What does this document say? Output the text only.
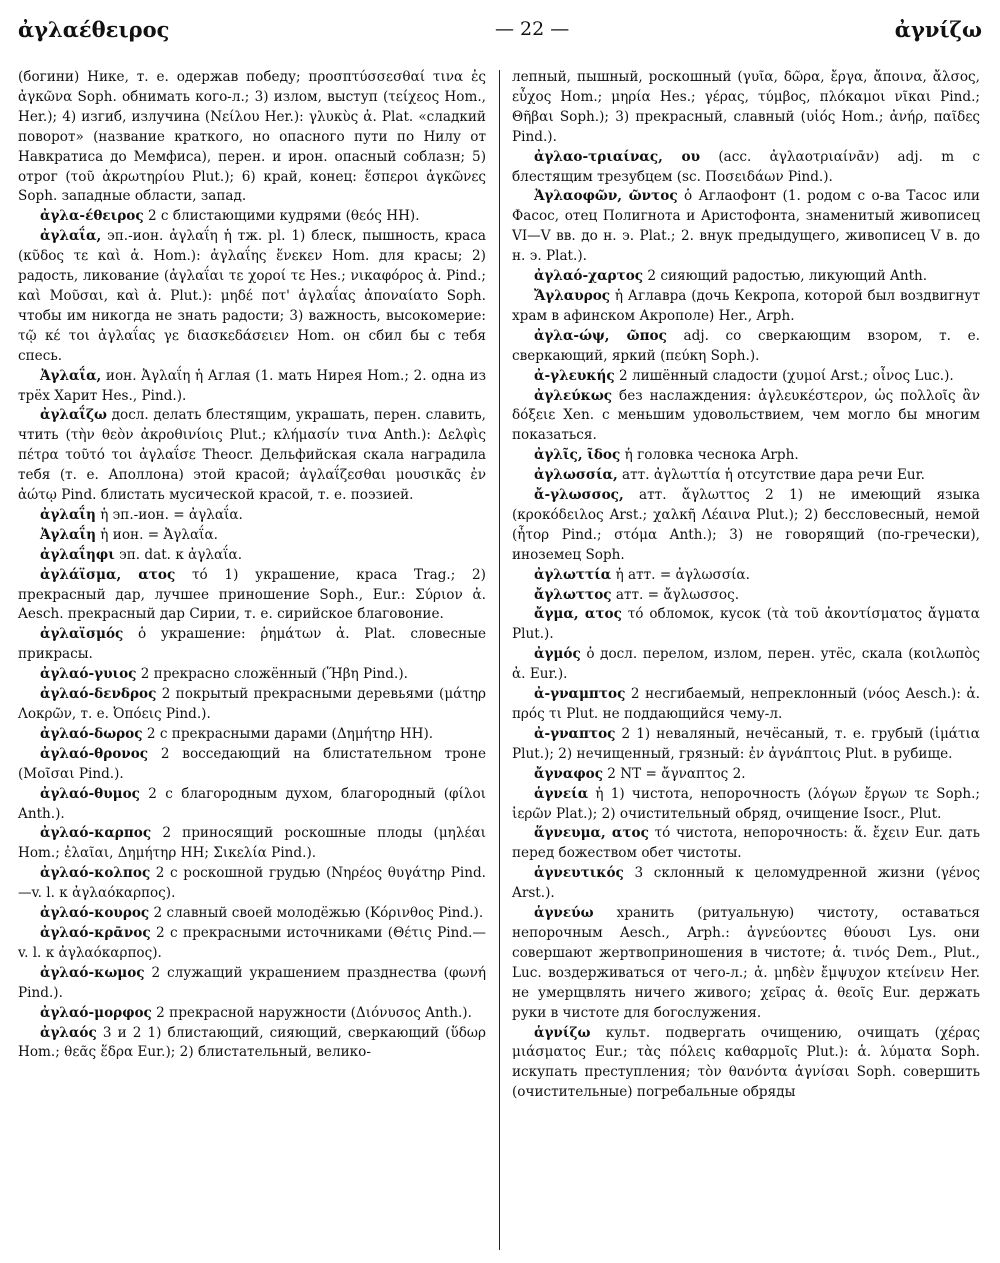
ἀγλαέθειρος	— 22 —	ἀγνίζω

(богини) Нике, т. е. одержав победу; προσπτύσσεσθαί τινα ἐς ἀγκῶνα Soph. обнимать кого-л.; 3) излом, выступ (τείχεος Hom., Her.); 4) изгиб, излучина (Νείλου Her.): γλυκὺς ἀ. Plat. «сладкий поворот» (название краткого, но опасного пути по Нилу от Навкратиса до Мемфиса), перен. и ирон. опасный соблазн; 5) отрог (τοῦ ἀκρωτηρίου Plut.); 6) край, конец: ἕσπεροι ἀγκῶνες Soph. западные области, запад.

ἀγλα-έθειρος 2 с блистающими кудрями (θεός HH).

ἀγλαΐα, эп.-ион. ἀγλαΐη ἡ тж. pl. 1) блеск, пышность, краса (κῦδος τε καὶ ἀ. Hom.): ἀγλαΐης ἕνεκεν Hom. для красы; 2) радость, ликование (ἀγλαΐαι τε χοροί τε Hes.; νικαφόρος ἀ. Pind.; καὶ Μοῦσαι, καὶ ἀ. Plut.): μηδέ ποτ' ἀγλαΐας ἀποναίατο Soph. чтобы им никогда не знать радости; 3) важность, высокомерие: τῷ κέ τοι ἀγλαΐας γε διασκεδάσειεν Hom. он сбил бы с тебя спесь.

Ἀγλαΐα, ион. Ἀγλαΐη ἡ Аглая (1. мать Нирея Hom.; 2. одна из трёх Харит Hes., Pind.).

ἀγλαΐζω досл. делать блестящим, украшать, перен. славить, чтить (τὴν θεὸν ἀκροθινίοις Plut.; κλήμασίν τινα Anth.): Δελφὶς πέτρα τοῦτό τοι ἀγλαΐσε Theocr. Дельфийская скала наградила тебя (т. е. Аполлона) этой красой; ἀγλαΐζεσθαι μουσικᾶς ἐν ἀώτῳ Pind. блистать мусической красой, т. е. поэзией.

ἀγλαΐη ἡ эп.-ион. = ἀγλαΐα.

Ἀγλαΐη ἡ ион. = Ἀγλαΐα.

ἀγλαΐηφι эп. dat. к ἀγλαΐα.

ἀγλάϊσμα, ατος τό 1) украшение, краса Trag.; 2) прекрасный дар, лучшее приношение Soph., Eur.: Σύριον ἀ. Aesch. прекрасный дар Сирии, т. е. сирийское благовоние.

ἀγλαϊσμός ὁ украшение: ῥημάτων ἀ. Plat. словесные прикрасы.

ἀγλαό-γυιος 2 прекрасно сложённый (Ἥβη Pind.).

ἀγλαό-δενδρος 2 покрытый прекрасными деревьями (μάτηρ Λοκρῶν, т. е. Ὀπόεις Pind.).

ἀγλαό-δωρος 2 с прекрасными дарами (Δημήτηρ HH).

ἀγλαό-θρονος 2 восседающий на блистательном троне (Μοῖσαι Pind.).

ἀγλαό-θυμος 2 с благородным духом, благородный (φίλοι Anth.).

ἀγλαό-καρπος 2 приносящий роскошные плоды (μηλέαι Hom.; ἐλαῖαι, Δημήτηρ HH; Σικελία Pind.).

ἀγλαό-κολπος 2 с роскошной грудью (Νηρέος θυγάτηρ Pind.—v. l. к ἀγλαόκαρπος).

ἀγλαό-κουρος 2 славный своей молодёжью (Κόρινθος Pind.).

ἀγλαό-κρᾱνος 2 с прекрасными источниками (Θέτις Pind.—v. l. к ἀγλαόκαρπος).

ἀγλαό-κωμος 2 служащий украшением празднества (φωνή Pind.).

ἀγλαό-μορφος 2 прекрасной наружности (Διόνυσος Anth.).

ἀγλαός 3 и 2 1) блистающий, сияющий, сверкающий (ὕδωρ Hom.; θεᾶς ἕδρα Eur.); 2) блистательный, велико-

лепный, пышный, роскошный (γυῖα, δῶρα, ἔργα, ἄποινα, ἄλσος, εὖχος Hom.; μηρία Hes.; γέρας, τύμβος, πλόκαμοι νῖκαι Pind.; Θῆβαι Soph.); 3) прекрасный, славный (υἱός Hom.; ἀνήρ, παῖδες Pind.).

ἀγλαο-τριαίνας, ου (acc. ἀγλαοτριαίνᾱν) adj. m с блестящим трезубцем (sc. Ποσειδάων Pind.).

Ἀγλαοφῶν, ῶντος ὁ Аглаофонт (1. родом с о-ва Тасос или Фасос, отец Полигнота и Аристофонта, знаменитый живописец VI—V вв. до н. э. Plat.; 2. внук предыдущего, живописец V в. до н. э. Plat.).

ἀγλαό-χαρτος 2 сияющий радостью, ликующий Anth.

Ἄγλαυρος ἡ Аглавра (дочь Кекропа, которой был воздвигнут храм в афинском Акрополе) Her., Arph.

ἀγλα-ώψ, ῶπος adj. со сверкающим взором, т. е. сверкающий, яркий (πεύκη Soph.).

ἀ-γλευκής 2 лишённый сладости (χυμοί Arst.; οἶνος Luc.).

ἀγλεύκως без наслаждения: ἀγλευκέστερον, ὡς πολλοῖς ἂν δόξειε Xen. с меньшим удовольствием, чем могло бы многим показаться.

ἀγλῖς, ῖδος ἡ головка чеснока Arph.

ἀγλωσσία, атт. ἀγλωττία ἡ отсутствие дара речи Eur.

ἄ-γλωσσος, атт. ἄγλωττος 2 1) не имеющий языка (κροκόδειλος Arst.; χαλκῆ Λέαινα Plut.); 2) бессловесный, немой (ἦτορ Pind.; στόμα Anth.); 3) не говорящий (по-гречески), иноземец Soph.

ἀγλωττία ἡ атт. = ἀγλωσσία.

ἄγλωττος атт. = ἄγλωσσος.

ἄγμα, ατος τό обломок, кусок (τὰ τοῦ ἀκοντίσματος ἄγματα Plut.).

ἀγμός ὁ досл. перелом, излом, перен. утёс, скала (κοιλωπὸς ἀ. Eur.).

ἀ-γναμπτος 2 несгибаемый, непреклонный (νόος Aesch.): ἀ. πρός τι Plut. не поддающийся чему-л.

ἀ-γναπτος 2 1) неваляный, нечёсаный, т. е. грубый (ἱμάτια Plut.); 2) нечищенный, грязный: ἐν ἀγνάπτοις Plut. в рубище.

ἄγναφος 2 NT = ἄγναπτος 2.

ἁγνεία ἡ 1) чистота, непорочность (λόγων ἔργων τε Soph.; ἱερῶν Plat.); 2) очистительный обряд, очищение Isocr., Plut.

ἅγνευμα, ατος τό чистота, непорочность: ἅ. ἔχειν Eur. дать перед божеством обет чистоты.

ἁγνευτικός 3 склонный к целомудренной жизни (γένος Arst.).

ἁγνεύω хранить (ритуальную) чистоту, оставаться непорочным Aesch., Arph.: ἁγνεύοντες θύουσι Lys. они совершают жертвоприношения в чистоте; ἁ. τινός Dem., Plut., Luc. воздерживаться от чего-л.; ἁ. μηδὲν ἔμψυχον κτείνειν Her. не умерщвлять ничего живого; χεῖρας ἁ. θεοῖς Eur. держать руки в чистоте для богослужения.

ἁγνίζω культ. подвергать очищению, очищать (χέρας μιάσματος Eur.; τὰς πόλεις καθαρμοῖς Plut.): ἁ. λύματα Soph. искупать преступления; τὸν θανόντα ἁγνίσαι Soph. совершить (очистительные) погребальные обряды
